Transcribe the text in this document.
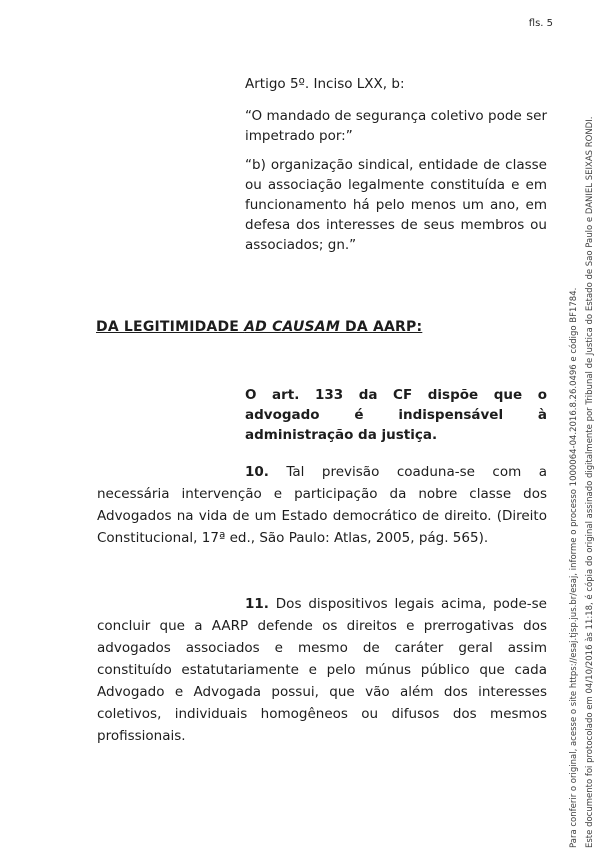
fls. 5
Artigo 5º. Inciso LXX, b:
“O mandado de segurança coletivo pode ser impetrado por:”
“b) organização sindical, entidade de classe ou associação legalmente constituída e em funcionamento há pelo menos um ano, em defesa dos interesses de seus membros ou associados; gn.”
DA LEGITIMIDADE AD CAUSAM DA AARP:
O art. 133 da CF dispõe que o advogado é indispensável à administração da justiça.
10. Tal previsão coaduna-se com a necessária intervenção e participação da nobre classe dos Advogados na vida de um Estado democrático de direito. (Direito Constitucional, 17ª ed., São Paulo: Atlas, 2005, pág. 565).
11. Dos dispositivos legais acima, pode-se concluir que a AARP defende os direitos e prerrogativas dos advogados associados e mesmo de caráter geral assim constituído estatutariamente e pelo múnus público que cada Advogado e Advogada possui, que vão além dos interesses coletivos, individuais homogêneos ou difusos dos mesmos profissionais.	Para conferir o original, acesse o site https://esaj.tjsp.jus.br/esaj, informe o processo 1000064-04.2016.8.26.0496 e código BF1784. Este documento foi protocolado em 04/10/2016 às 11:18, é cópia do original assinado digitalmente por Tribunal de Justica do Estado de Sao Paulo e DANIEL SEIXAS RONDI.
